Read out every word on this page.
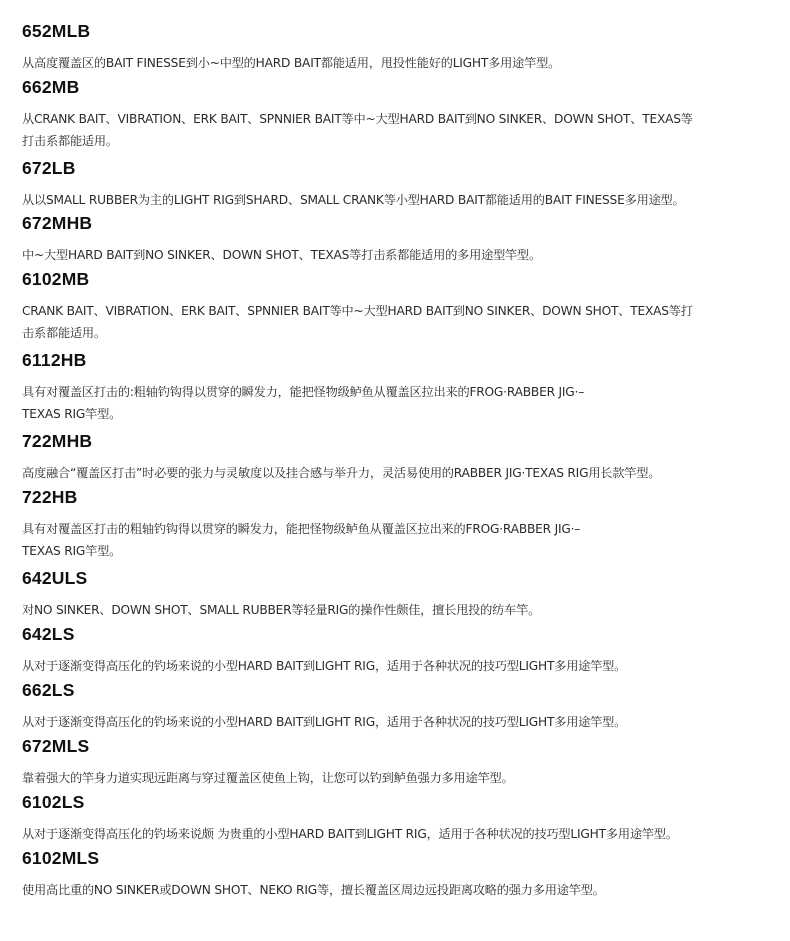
652MLB
从高度覆盖区的BAIT FINESSE到小~中型的HARD BAIT都能适用，甩投性能好的LIGHT多用途竿型。
662MB
从CRANK BAIT、VIBRATION、ERK BAIT、SPNNIER BAIT等中~大型HARD BAIT到NO SINKER、DOWN SHOT、TEXAS等
打击系都能适用。
672LB
从以SMALL RUBBER为主的LIGHT RIG到SHARD、SMALL CRANK等小型HARD BAIT都能适用的BAIT FINESSE多用途型。
672MHB
中~大型HARD BAIT到NO SINKER、DOWN SHOT、TEXAS等打击系都能适用的多用途型竿型。
6102MB
CRANK BAIT、VIBRATION、ERK BAIT、SPNNIER BAIT等中~大型HARD BAIT到NO SINKER、DOWN SHOT、TEXAS等打
击系都能适用。
6112HB
具有对覆盖区打击的:粗轴钓钩得以贯穿的瞬发力，能把怪物级鲈鱼从覆盖区拉出来的FROG·RABBER JIG·–
TEXAS RIG竿型。
722MHB
高度融合“覆盖区打击”时必要的张力与灵敏度以及挂合感与举升力，灵活易使用的RABBER JIG·TEXAS RIG用长款竿型。
722HB
具有对覆盖区打击的粗轴钓钩得以贯穿的瞬发力，能把怪物级鲈鱼从覆盖区拉出来的FROG·RABBER JIG·–
TEXAS RIG竿型。
642ULS
对NO SINKER、DOWN SHOT、SMALL RUBBER等轻量RIG的操作性颇佳，擅长甩投的纺车竿。
642LS
从对于逐渐变得高压化的钓场来说的小型HARD BAIT到LIGHT RIG，适用于各种状况的技巧型LIGHT多用途竿型。
662LS
从对于逐渐变得高压化的钓场来说的小型HARD BAIT到LIGHT RIG，适用于各种状况的技巧型LIGHT多用途竿型。
672MLS
靠着强大的竿身力道实现远距离与穿过覆盖区使鱼上钩，让您可以钓到鲈鱼强力多用途竿型。
6102LS
从对于逐渐变得高压化的钓场来说颇 为贵重的小型HARD BAIT到LIGHT RIG，适用于各种状况的技巧型LIGHT多用途竿型。
6102MLS
使用高比重的NO SINKER或DOWN SHOT、NEKO RIG等，擅长覆盖区周边远投距离攻略的强力多用途竿型。
